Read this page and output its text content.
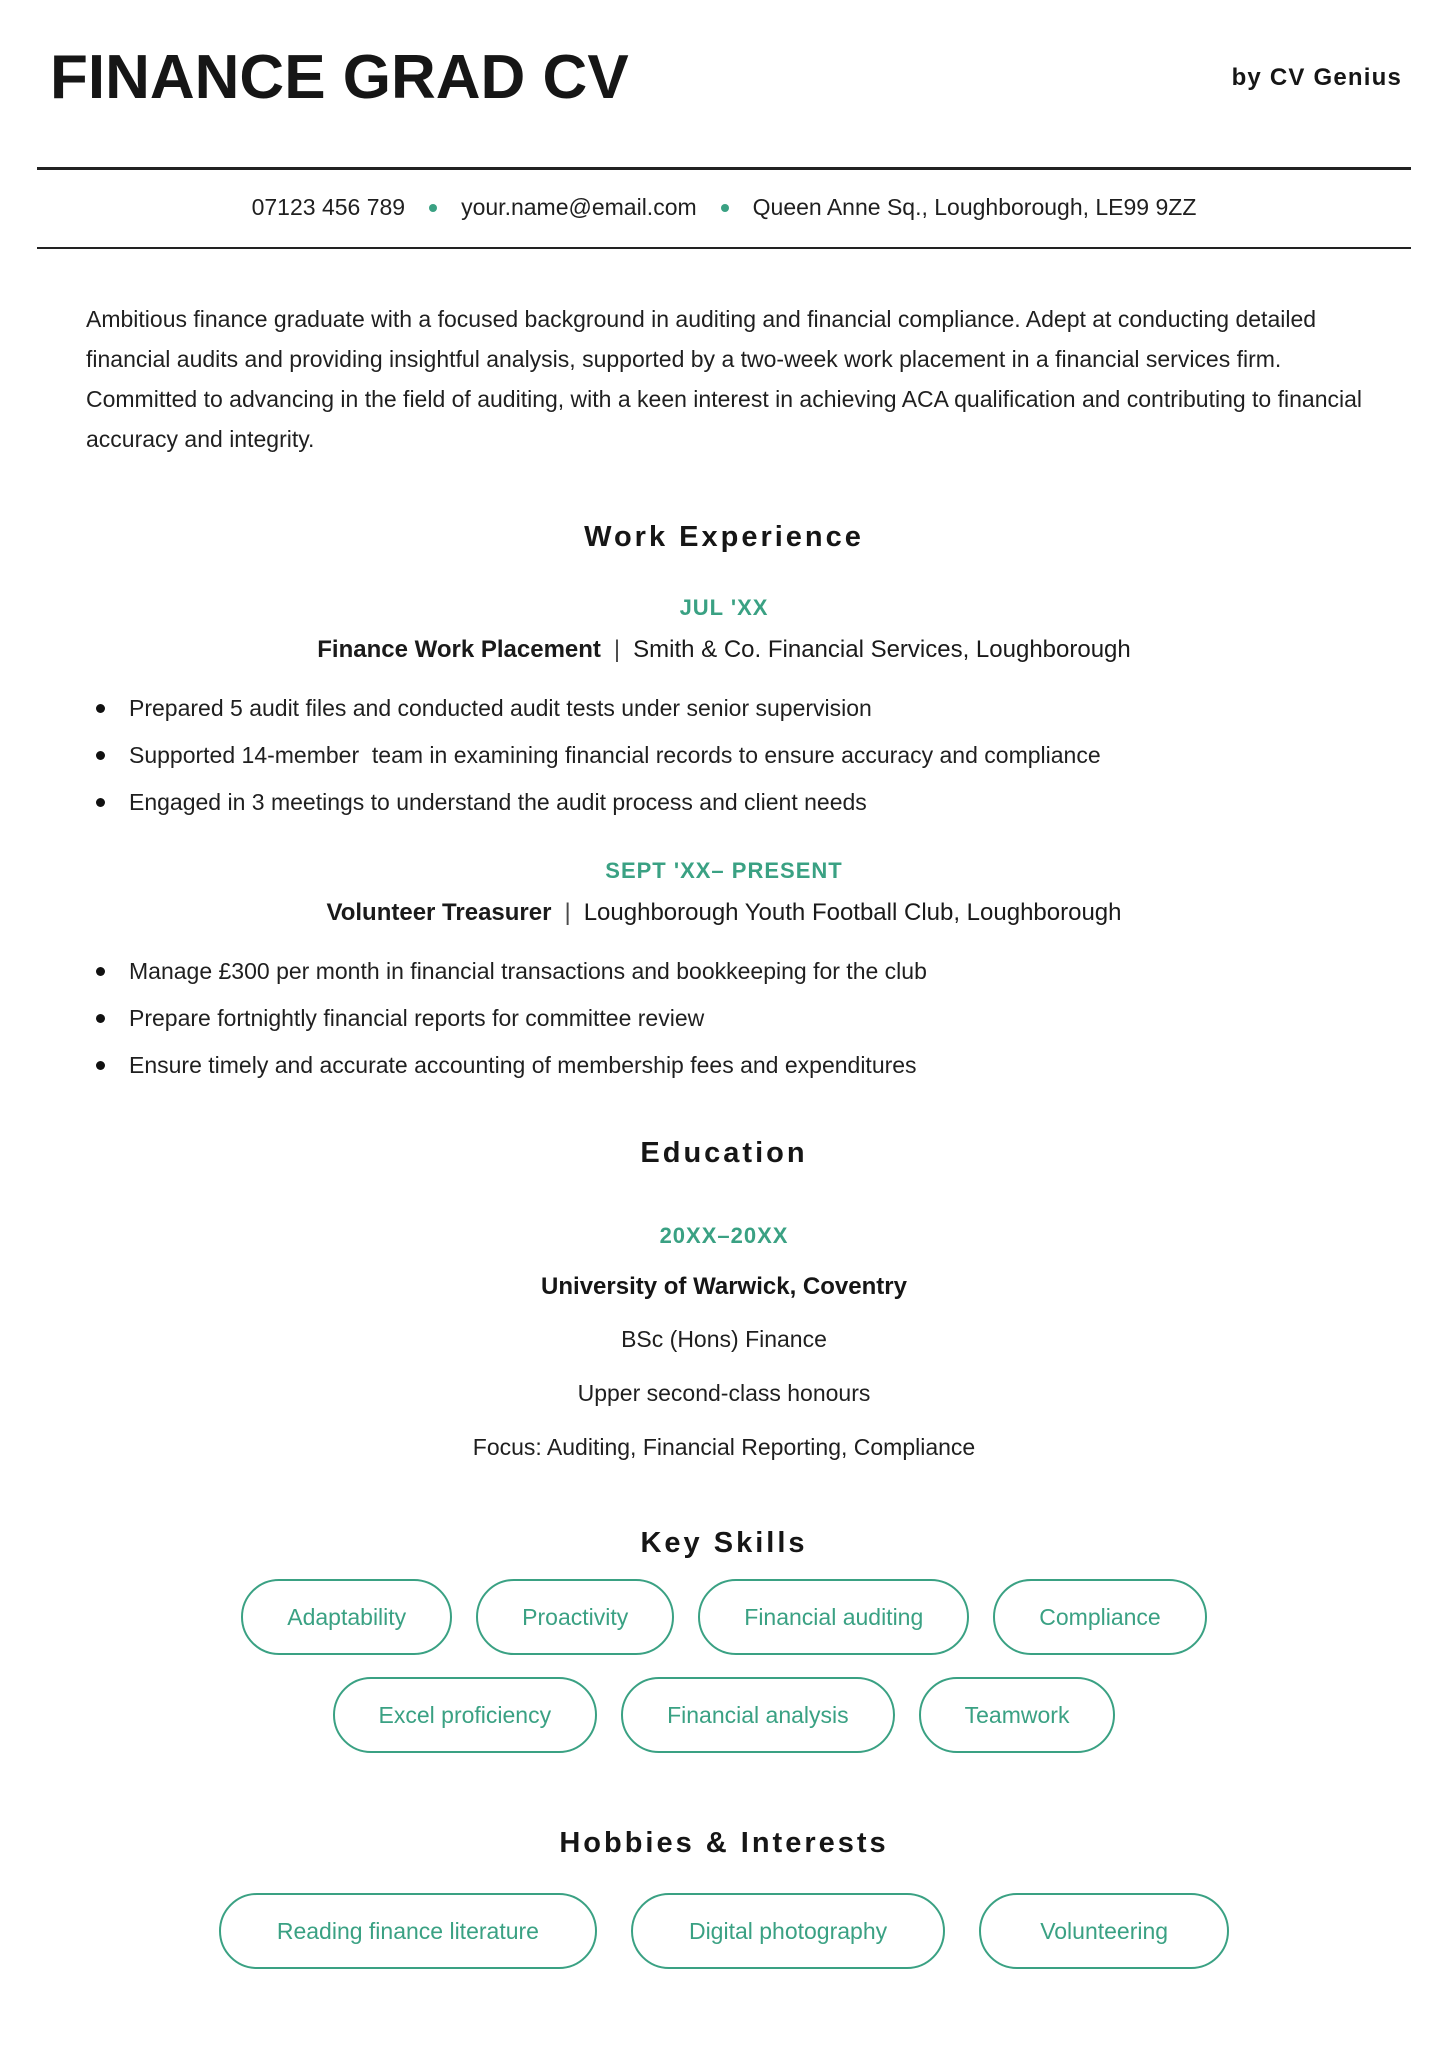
FINANCE GRAD CV	by CV Genius
07123 456 789 your.name@email.com Queen Anne Sq., Loughborough, LE99 9ZZ

Ambitious finance graduate with a focused background in auditing and financial compliance. Adept at conducting detailed financial audits and providing insightful analysis, supported by a two-week work placement in a financial services firm. Committed to advancing in the field of auditing, with a keen interest in achieving ACA qualification and contributing to financial accuracy and integrity.

Work Experience
JUL 'XX
Finance Work Placement | Smith & Co. Financial Services, Loughborough
Prepared 5 audit files and conducted audit tests under senior supervision
Supported 14-member  team in examining financial records to ensure accuracy and compliance
Engaged in 3 meetings to understand the audit process and client needs
SEPT 'XX– PRESENT
Volunteer Treasurer | Loughborough Youth Football Club, Loughborough
Manage £300 per month in financial transactions and bookkeeping for the club
Prepare fortnightly financial reports for committee review
Ensure timely and accurate accounting of membership fees and expenditures
Education
20XX–20XX
University of Warwick, Coventry
BSc (Hons) Finance
Upper second-class honours
Focus: Auditing, Financial Reporting, Compliance
Key Skills
Adaptability	Proactivity	Financial auditing	Compliance
Excel proficiency	Financial analysis	Teamwork
Hobbies & Interests
Reading finance literature	Digital photography	Volunteering
